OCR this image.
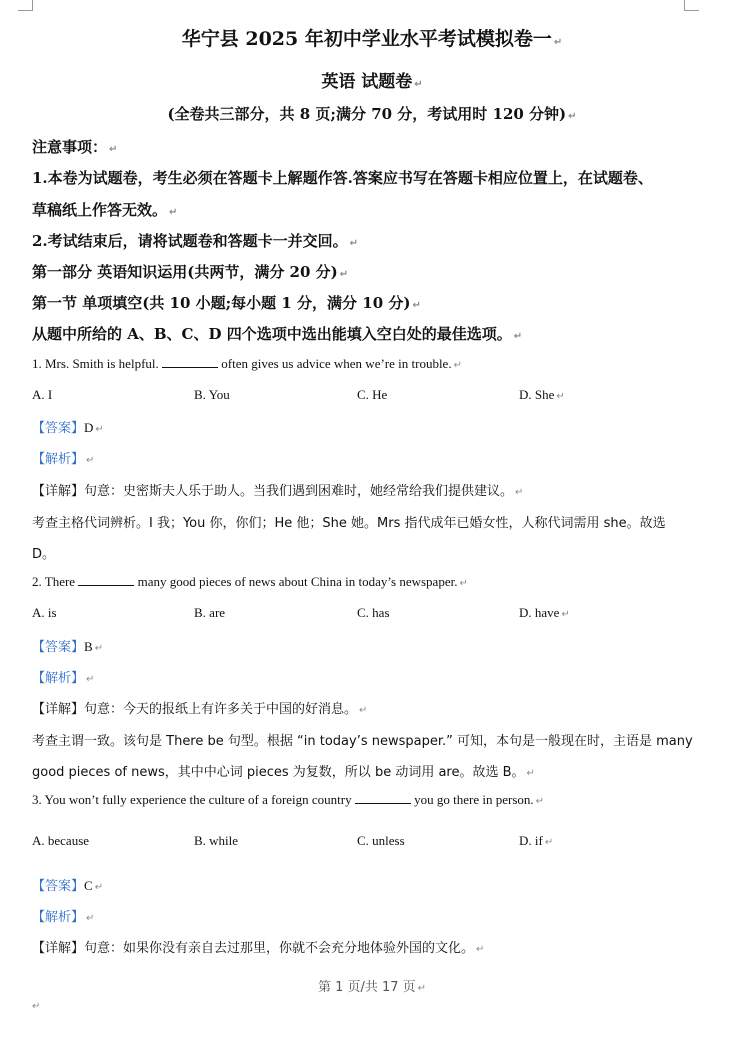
华宁县 2025 年初中学业水平考试模拟卷一 ↵
英语 试题卷 ↵
(全卷共三部分，共 8 页;满分 70 分，考试用时 120 分钟) ↵
注意事项： ↵
1.本卷为试题卷，考生必须在答题卡上解题作答.答案应书写在答题卡相应位置上，在试题卷、
草稿纸上作答无效。 ↵
2.考试结束后，请将试题卷和答题卡一并交回。 ↵
第一部分 英语知识运用(共两节，满分 20 分) ↵
第一节 单项填空(共 10 小题;每小题 1 分，满分 10 分) ↵
从题中所给的 A、B、C、D 四个选项中选出能填入空白处的最佳选项。 ↵
1. Mrs. Smith is helpful.	often gives us advice when we’re in trouble. ↵
A. I	B. You	C. He	D. She ↵
【答案】D ↵
【解析】 ↵
【详解】句意：史密斯夫人乐于助人。当我们遇到困难时，她经常给我们提供建议。 ↵
考查主格代词辨析。I 我；You 你，你们；He 他；She 她。Mrs 指代成年已婚女性，人称代词需用 she。故选
D。
2. There	many good pieces of news about China in today’s newspaper. ↵
A. is	B. are	C. has	D. have ↵
【答案】B ↵
【解析】 ↵
【详解】句意：今天的报纸上有许多关于中国的好消息。 ↵
考查主谓一致。该句是 There be 句型。根据 “in today’s newspaper.” 可知，本句是一般现在时，主语是 many
good pieces of news，其中中心词 pieces 为复数，所以 be 动词用 are。故选 B。 ↵
3. You won’t fully experience the culture of a foreign country	you go there in person. ↵
A. because	B. while	C. unless	D. if ↵
【答案】C ↵
【解析】 ↵
【详解】句意：如果你没有亲自去过那里，你就不会充分地体验外国的文化。 ↵
第 1 页/共 17 页 ↵
↵
